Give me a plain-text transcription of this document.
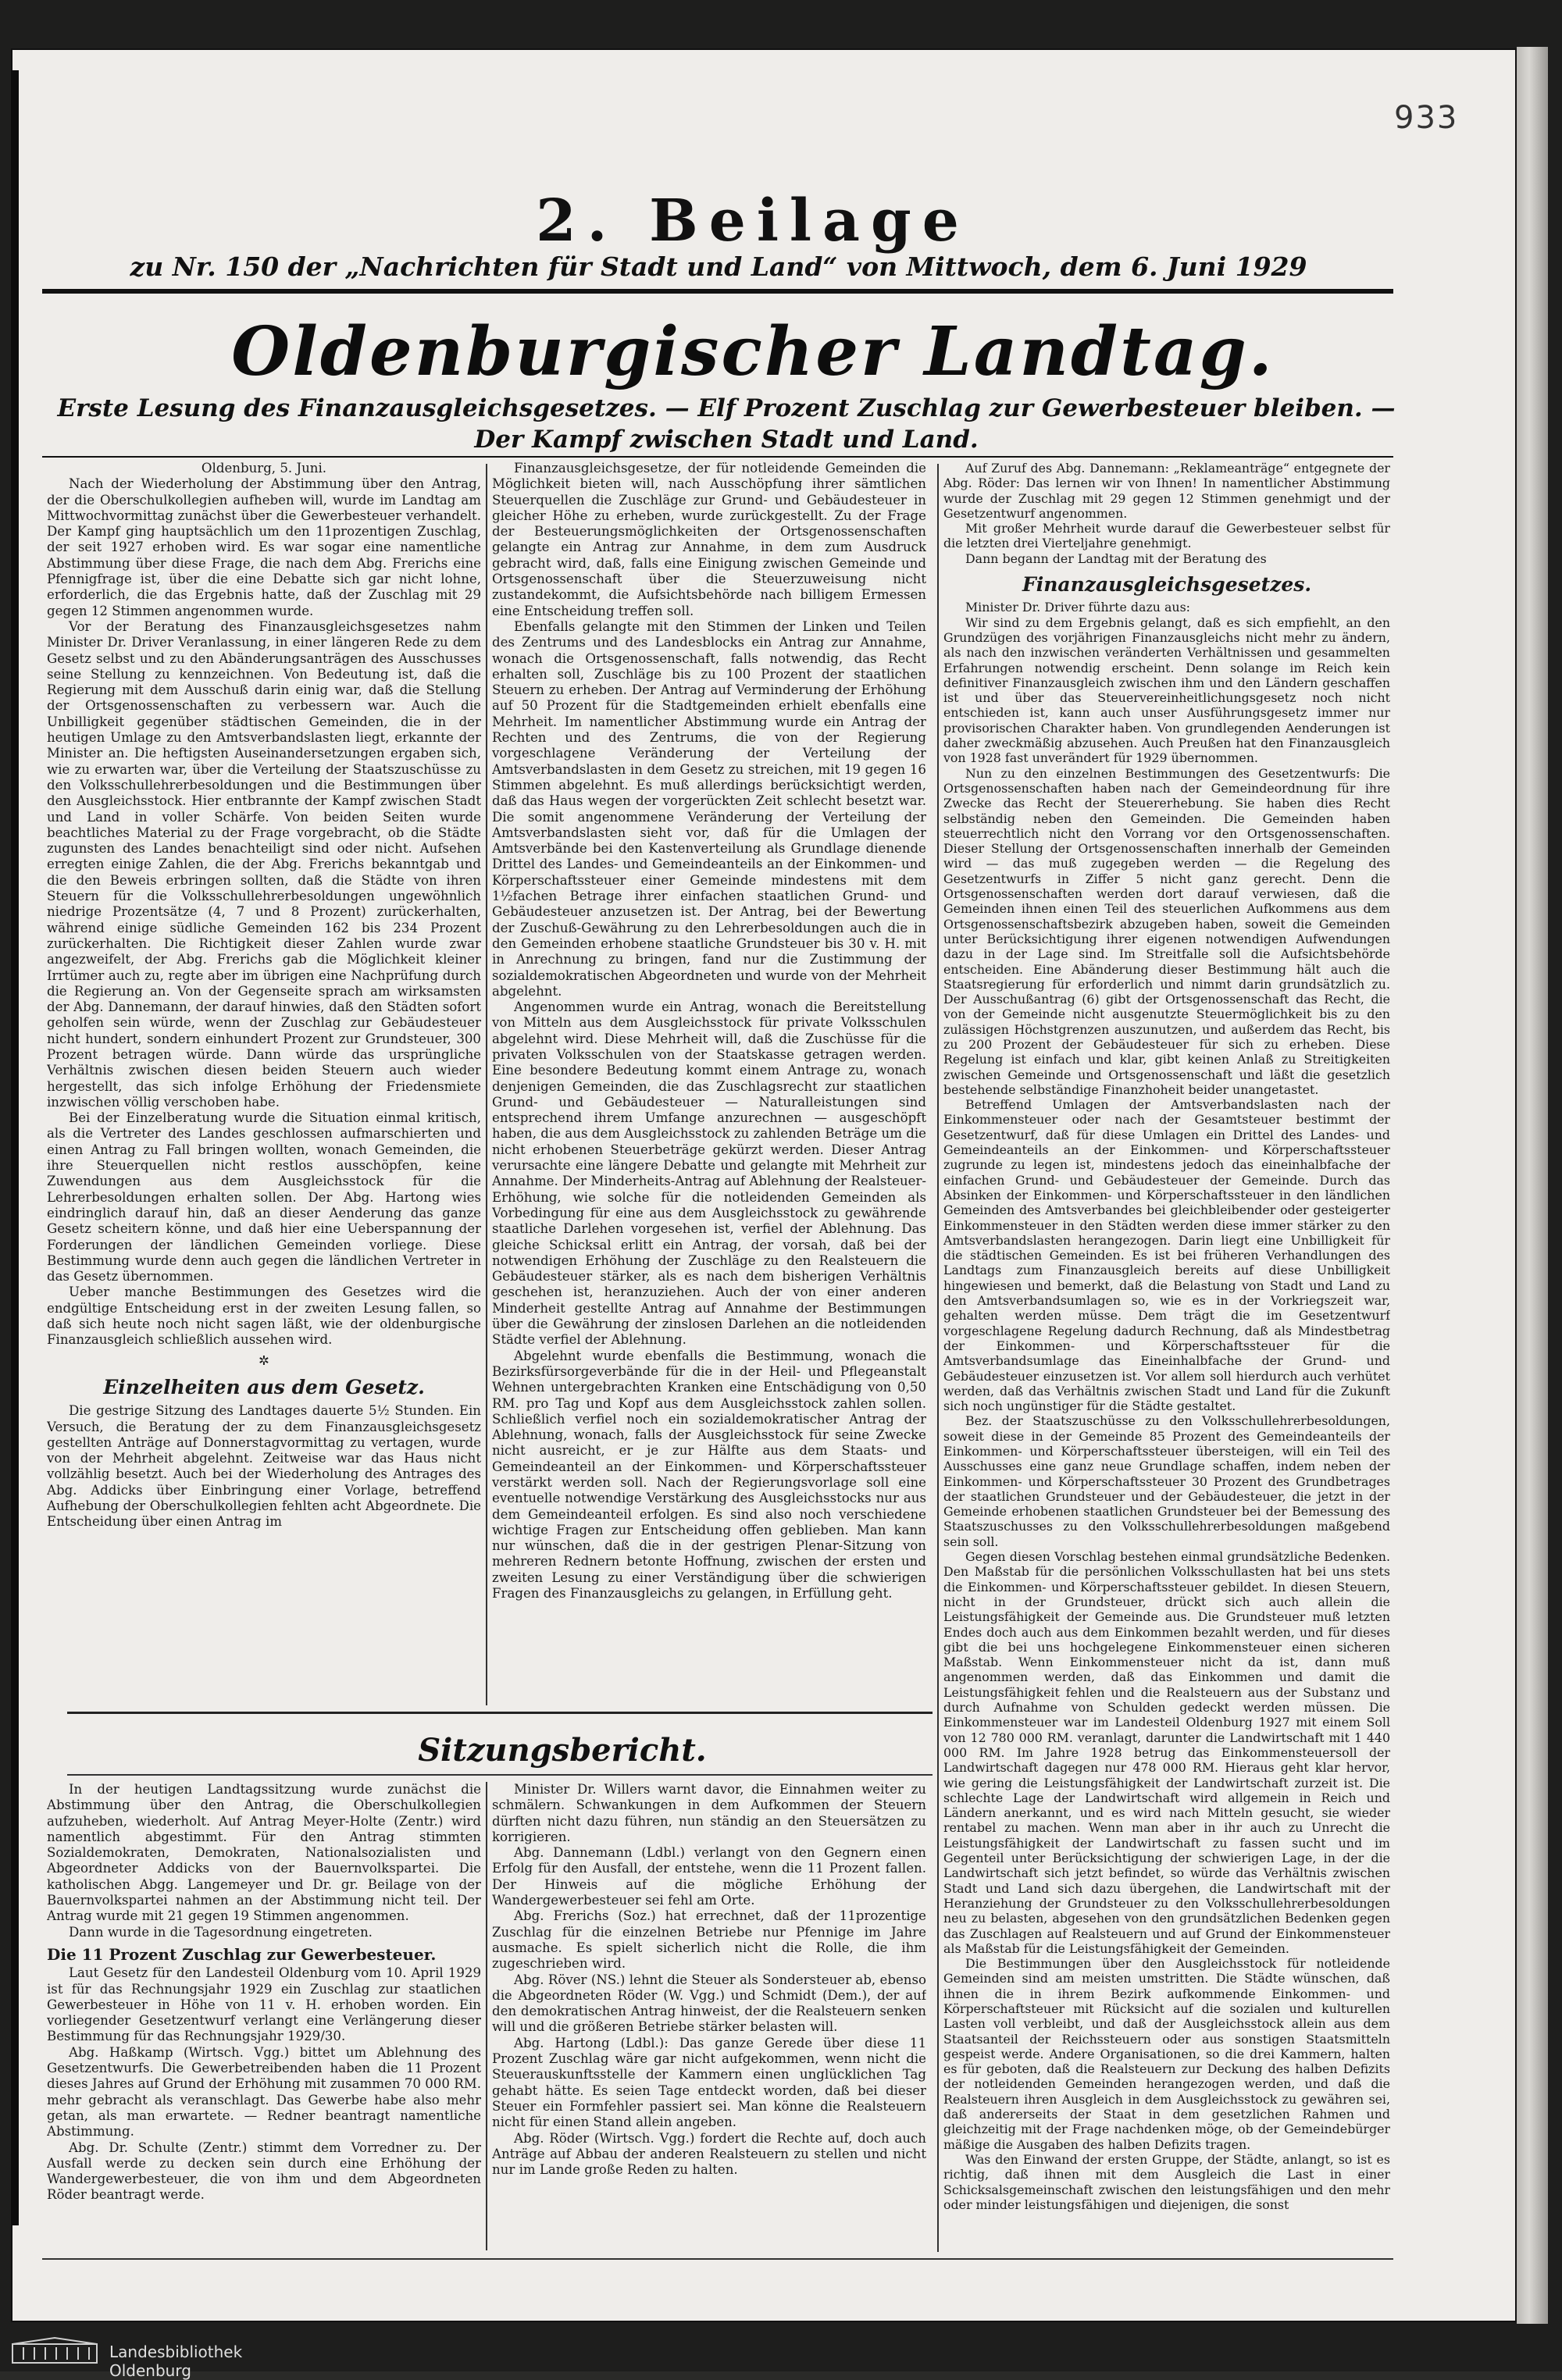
933
2. Beilage
zu Nr. 150 der „Nachrichten für Stadt und Land“ von Mittwoch, dem 6. Juni 1929
Oldenburgischer Landtag.
Erste Lesung des Finanzausgleichsgesetzes. — Elf Prozent Zuschlag zur Gewerbesteuer bleiben. — Der Kampf zwischen Stadt und Land.

Oldenburg, 5. Juni.

Nach der Wiederholung der Abstimmung über den Antrag, der die Oberschulkollegien aufheben will, wurde im Landtag am Mittwochvormittag zunächst über die Gewerbesteuer verhandelt. Der Kampf ging hauptsächlich um den 11prozentigen Zuschlag, der seit 1927 erhoben wird. Es war sogar eine namentliche Abstimmung über diese Frage, die nach dem Abg. Frerichs eine Pfennigfrage ist, über die eine Debatte sich gar nicht lohne, erforderlich, die das Ergebnis hatte, daß der Zuschlag mit 29 gegen 12 Stimmen angenommen wurde.

Vor der Beratung des Finanzausgleichsgesetzes nahm Minister Dr. Driver Veranlassung, in einer längeren Rede zu dem Gesetz selbst und zu den Abänderungsanträgen des Ausschusses seine Stellung zu kennzeichnen. Von Bedeutung ist, daß die Regierung mit dem Ausschuß darin einig war, daß die Stellung der Ortsgenossenschaften zu verbessern war. Auch die Unbilligkeit gegenüber städtischen Gemeinden, die in der heutigen Umlage zu den Amtsverbandslasten liegt, erkannte der Minister an. Die heftigsten Auseinandersetzungen ergaben sich, wie zu erwarten war, über die Verteilung der Staatszuschüsse zu den Volksschullehrerbesoldungen und die Bestimmungen über den Ausgleichsstock. Hier entbrannte der Kampf zwischen Stadt und Land in voller Schärfe. Von beiden Seiten wurde beachtliches Material zu der Frage vorgebracht, ob die Städte zugunsten des Landes benachteiligt sind oder nicht. Aufsehen erregten einige Zahlen, die der Abg. Frerichs bekanntgab und die den Beweis erbringen sollten, daß die Städte von ihren Steuern für die Volksschullehrerbesoldungen ungewöhnlich niedrige Prozentsätze (4, 7 und 8 Prozent) zurückerhalten, während einige südliche Gemeinden 162 bis 234 Prozent zurückerhalten. Die Richtigkeit dieser Zahlen wurde zwar angezweifelt, der Abg. Frerichs gab die Möglichkeit kleiner Irrtümer auch zu, regte aber im übrigen eine Nachprüfung durch die Regierung an. Von der Gegenseite sprach am wirksamsten der Abg. Dannemann, der darauf hinwies, daß den Städten sofort geholfen sein würde, wenn der Zuschlag zur Gebäudesteuer nicht hundert, sondern einhundert Prozent zur Grundsteuer, 300 Prozent betragen würde. Dann würde das ursprüngliche Verhältnis zwischen diesen beiden Steuern auch wieder hergestellt, das sich infolge Erhöhung der Friedensmiete inzwischen völlig verschoben habe.

Bei der Einzelberatung wurde die Situation einmal kritisch, als die Vertreter des Landes geschlossen aufmarschierten und einen Antrag zu Fall bringen wollten, wonach Gemeinden, die ihre Steuerquellen nicht restlos ausschöpfen, keine Zuwendungen aus dem Ausgleichsstock für die Lehrerbesoldungen erhalten sollen. Der Abg. Hartong wies eindringlich darauf hin, daß an dieser Aenderung das ganze Gesetz scheitern könne, und daß hier eine Ueberspannung der Forderungen der ländlichen Gemeinden vorliege. Diese Bestimmung wurde denn auch gegen die ländlichen Vertreter in das Gesetz übernommen.

Ueber manche Bestimmungen des Gesetzes wird die endgültige Entscheidung erst in der zweiten Lesung fallen, so daß sich heute noch nicht sagen läßt, wie der oldenburgische Finanzausgleich schließlich aussehen wird.

✲

Einzelheiten aus dem Gesetz.

Die gestrige Sitzung des Landtages dauerte 5½ Stunden. Ein Versuch, die Beratung der zu dem Finanzausgleichsgesetz gestellten Anträge auf Donnerstagvormittag zu vertagen, wurde von der Mehrheit abgelehnt. Zeitweise war das Haus nicht vollzählig besetzt. Auch bei der Wiederholung des Antrages des Abg. Addicks über Einbringung einer Vorlage, betreffend Aufhebung der Oberschulkollegien fehlten acht Abgeordnete. Die Entscheidung über einen Antrag im

Finanzausgleichsgesetze, der für notleidende Gemeinden die Möglichkeit bieten will, nach Ausschöpfung ihrer sämtlichen Steuerquellen die Zuschläge zur Grund- und Gebäudesteuer in gleicher Höhe zu erheben, wurde zurückgestellt. Zu der Frage der Besteuerungsmöglichkeiten der Ortsgenossenschaften gelangte ein Antrag zur Annahme, in dem zum Ausdruck gebracht wird, daß, falls eine Einigung zwischen Gemeinde und Ortsgenossenschaft über die Steuerzuweisung nicht zustandekommt, die Aufsichtsbehörde nach billigem Ermessen eine Entscheidung treffen soll.

Ebenfalls gelangte mit den Stimmen der Linken und Teilen des Zentrums und des Landesblocks ein Antrag zur Annahme, wonach die Ortsgenossenschaft, falls notwendig, das Recht erhalten soll, Zuschläge bis zu 100 Prozent der staatlichen Steuern zu erheben. Der Antrag auf Verminderung der Erhöhung auf 50 Prozent für die Stadtgemeinden erhielt ebenfalls eine Mehrheit. Im namentlicher Abstimmung wurde ein Antrag der Rechten und des Zentrums, die von der Regierung vorgeschlagene Veränderung der Verteilung der Amtsverbandslasten in dem Gesetz zu streichen, mit 19 gegen 16 Stimmen abgelehnt. Es muß allerdings berücksichtigt werden, daß das Haus wegen der vorgerückten Zeit schlecht besetzt war. Die somit angenommene Veränderung der Verteilung der Amtsverbandslasten sieht vor, daß für die Umlagen der Amtsverbände bei den Kastenverteilung als Grundlage dienende Drittel des Landes- und Gemeindeanteils an der Einkommen- und Körperschaftssteuer einer Gemeinde mindestens mit dem 1½fachen Betrage ihrer einfachen staatlichen Grund- und Gebäudesteuer anzusetzen ist. Der Antrag, bei der Bewertung der Zuschuß-Gewährung zu den Lehrerbesoldungen auch die in den Gemeinden erhobene staatliche Grundsteuer bis 30 v. H. mit in Anrechnung zu bringen, fand nur die Zustimmung der sozialdemokratischen Abgeordneten und wurde von der Mehrheit abgelehnt.

Angenommen wurde ein Antrag, wonach die Bereitstellung von Mitteln aus dem Ausgleichsstock für private Volksschulen abgelehnt wird. Diese Mehrheit will, daß die Zuschüsse für die privaten Volksschulen von der Staatskasse getragen werden. Eine besondere Bedeutung kommt einem Antrage zu, wonach denjenigen Gemeinden, die das Zuschlagsrecht zur staatlichen Grund- und Gebäudesteuer — Naturalleistungen sind entsprechend ihrem Umfange anzurechnen — ausgeschöpft haben, die aus dem Ausgleichsstock zu zahlenden Beträge um die nicht erhobenen Steuerbeträge gekürzt werden. Dieser Antrag verursachte eine längere Debatte und gelangte mit Mehrheit zur Annahme. Der Minderheits-Antrag auf Ablehnung der Realsteuer-Erhöhung, wie solche für die notleidenden Gemeinden als Vorbedingung für eine aus dem Ausgleichsstock zu gewährende staatliche Darlehen vorgesehen ist, verfiel der Ablehnung. Das gleiche Schicksal erlitt ein Antrag, der vorsah, daß bei der notwendigen Erhöhung der Zuschläge zu den Realsteuern die Gebäudesteuer stärker, als es nach dem bisherigen Verhältnis geschehen ist, heranzuziehen. Auch der von einer anderen Minderheit gestellte Antrag auf Annahme der Bestimmungen über die Gewährung der zinslosen Darlehen an die notleidenden Städte verfiel der Ablehnung.

Abgelehnt wurde ebenfalls die Bestimmung, wonach die Bezirksfürsorgeverbände für die in der Heil- und Pflegeanstalt Wehnen untergebrachten Kranken eine Entschädigung von 0,50 RM. pro Tag und Kopf aus dem Ausgleichsstock zahlen sollen. Schließlich verfiel noch ein sozialdemokratischer Antrag der Ablehnung, wonach, falls der Ausgleichsstock für seine Zwecke nicht ausreicht, er je zur Hälfte aus dem Staats- und Gemeindeanteil an der Einkommen- und Körperschaftssteuer verstärkt werden soll. Nach der Regierungsvorlage soll eine eventuelle notwendige Verstärkung des Ausgleichsstocks nur aus dem Gemeindeanteil erfolgen. Es sind also noch verschiedene wichtige Fragen zur Entscheidung offen geblieben. Man kann nur wünschen, daß die in der gestrigen Plenar-Sitzung von mehreren Rednern betonte Hoffnung, zwischen der ersten und zweiten Lesung zu einer Verständigung über die schwierigen Fragen des Finanzausgleichs zu gelangen, in Erfüllung geht.

Auf Zuruf des Abg. Dannemann: „Reklameanträge“ entgegnete der Abg. Röder: Das lernen wir von Ihnen! In namentlicher Abstimmung wurde der Zuschlag mit 29 gegen 12 Stimmen genehmigt und der Gesetzentwurf angenommen.

Mit großer Mehrheit wurde darauf die Gewerbesteuer selbst für die letzten drei Vierteljahre genehmigt.

Dann begann der Landtag mit der Beratung des

Finanzausgleichsgesetzes.

Minister Dr. Driver führte dazu aus:

Wir sind zu dem Ergebnis gelangt, daß es sich empfiehlt, an den Grundzügen des vorjährigen Finanzausgleichs nicht mehr zu ändern, als nach den inzwischen veränderten Verhältnissen und gesammelten Erfahrungen notwendig erscheint. Denn solange im Reich kein definitiver Finanzausgleich zwischen ihm und den Ländern geschaffen ist und über das Steuervereinheitlichungsgesetz noch nicht entschieden ist, kann auch unser Ausführungsgesetz immer nur provisorischen Charakter haben. Von grundlegenden Aenderungen ist daher zweckmäßig abzusehen. Auch Preußen hat den Finanzausgleich von 1928 fast unverändert für 1929 übernommen.

Nun zu den einzelnen Bestimmungen des Gesetzentwurfs: Die Ortsgenossenschaften haben nach der Gemeindeordnung für ihre Zwecke das Recht der Steuererhebung. Sie haben dies Recht selbständig neben den Gemeinden. Die Gemeinden haben steuerrechtlich nicht den Vorrang vor den Ortsgenossenschaften. Dieser Stellung der Ortsgenossenschaften innerhalb der Gemeinden wird — das muß zugegeben werden — die Regelung des Gesetzentwurfs in Ziffer 5 nicht ganz gerecht. Denn die Ortsgenossenschaften werden dort darauf verwiesen, daß die Gemeinden ihnen einen Teil des steuerlichen Aufkommens aus dem Ortsgenossenschaftsbezirk abzugeben haben, soweit die Gemeinden unter Berücksichtigung ihrer eigenen notwendigen Aufwendungen dazu in der Lage sind. Im Streitfalle soll die Aufsichtsbehörde entscheiden. Eine Abänderung dieser Bestimmung hält auch die Staatsregierung für erforderlich und nimmt darin grundsätzlich zu. Der Ausschußantrag (6) gibt der Ortsgenossenschaft das Recht, die von der Gemeinde nicht ausgenutzte Steuermöglichkeit bis zu den zulässigen Höchstgrenzen auszunutzen, und außerdem das Recht, bis zu 200 Prozent der Gebäudesteuer für sich zu erheben. Diese Regelung ist einfach und klar, gibt keinen Anlaß zu Streitigkeiten zwischen Gemeinde und Ortsgenossenschaft und läßt die gesetzlich bestehende selbständige Finanzhoheit beider unangetastet.

Betreffend Umlagen der Amtsverbandslasten nach der Einkommensteuer oder nach der Gesamtsteuer bestimmt der Gesetzentwurf, daß für diese Umlagen ein Drittel des Landes- und Gemeindeanteils an der Einkommen- und Körperschaftssteuer zugrunde zu legen ist, mindestens jedoch das eineinhalbfache der einfachen Grund- und Gebäudesteuer der Gemeinde. Durch das Absinken der Einkommen- und Körperschaftssteuer in den ländlichen Gemeinden des Amtsverbandes bei gleichbleibender oder gesteigerter Einkommensteuer in den Städten werden diese immer stärker zu den Amtsverbandslasten herangezogen. Darin liegt eine Unbilligkeit für die städtischen Gemeinden. Es ist bei früheren Verhandlungen des Landtags zum Finanzausgleich bereits auf diese Unbilligkeit hingewiesen und bemerkt, daß die Belastung von Stadt und Land zu den Amtsverbandsumlagen so, wie es in der Vorkriegszeit war, gehalten werden müsse. Dem trägt die im Gesetzentwurf vorgeschlagene Regelung dadurch Rechnung, daß als Mindestbetrag der Einkommen- und Körperschaftssteuer für die Amtsverbandsumlage das Eineinhalbfache der Grund- und Gebäudesteuer einzusetzen ist. Vor allem soll hierdurch auch verhütet werden, daß das Verhältnis zwischen Stadt und Land für die Zukunft sich noch ungünstiger für die Städte gestaltet.

Bez. der Staatszuschüsse zu den Volksschullehrerbesoldungen, soweit diese in der Gemeinde 85 Prozent des Gemeindeanteils der Einkommen- und Körperschaftssteuer übersteigen, will ein Teil des Ausschusses eine ganz neue Grundlage schaffen, indem neben der Einkommen- und Körperschaftssteuer 30 Prozent des Grundbetrages der staatlichen Grundsteuer und der Gebäudesteuer, die jetzt in der Gemeinde erhobenen staatlichen Grundsteuer bei der Bemessung des Staatszuschusses zu den Volksschullehrerbesoldungen maßgebend sein soll.

Gegen diesen Vorschlag bestehen einmal grundsätzliche Bedenken. Den Maßstab für die persönlichen Volksschullasten hat bei uns stets die Einkommen- und Körperschaftssteuer gebildet. In diesen Steuern, nicht in der Grundsteuer, drückt sich auch allein die Leistungsfähigkeit der Gemeinde aus. Die Grundsteuer muß letzten Endes doch auch aus dem Einkommen bezahlt werden, und für dieses gibt die bei uns hochgelegene Einkommensteuer einen sicheren Maßstab. Wenn Einkommensteuer nicht da ist, dann muß angenommen werden, daß das Einkommen und damit die Leistungsfähigkeit fehlen und die Realsteuern aus der Substanz und durch Aufnahme von Schulden gedeckt werden müssen. Die Einkommensteuer war im Landesteil Oldenburg 1927 mit einem Soll von 12 780 000 RM. veranlagt, darunter die Landwirtschaft mit 1 440 000 RM. Im Jahre 1928 betrug das Einkommensteuersoll der Landwirtschaft dagegen nur 478 000 RM. Hieraus geht klar hervor, wie gering die Leistungsfähigkeit der Landwirtschaft zurzeit ist. Die schlechte Lage der Landwirtschaft wird allgemein in Reich und Ländern anerkannt, und es wird nach Mitteln gesucht, sie wieder rentabel zu machen. Wenn man aber in ihr auch zu Unrecht die Leistungsfähigkeit der Landwirtschaft zu fassen sucht und im Gegenteil unter Berücksichtigung der schwierigen Lage, in der die Landwirtschaft sich jetzt befindet, so würde das Verhältnis zwischen Stadt und Land sich dazu übergehen, die Landwirtschaft mit der Heranziehung der Grundsteuer zu den Volksschullehrerbesoldungen neu zu belasten, abgesehen von den grundsätzlichen Bedenken gegen das Zuschlagen auf Realsteuern und auf Grund der Einkommensteuer als Maßstab für die Leistungsfähigkeit der Gemeinden.

Die Bestimmungen über den Ausgleichsstock für notleidende Gemeinden sind am meisten umstritten. Die Städte wünschen, daß ihnen die in ihrem Bezirk aufkommende Einkommen- und Körperschaftsteuer mit Rücksicht auf die sozialen und kulturellen Lasten voll verbleibt, und daß der Ausgleichsstock allein aus dem Staatsanteil der Reichssteuern oder aus sonstigen Staatsmitteln gespeist werde. Andere Organisationen, so die drei Kammern, halten es für geboten, daß die Realsteuern zur Deckung des halben Defizits der notleidenden Gemeinden herangezogen werden, und daß die Realsteuern ihren Ausgleich in dem Ausgleichsstock zu gewähren sei, daß andererseits der Staat in dem gesetzlichen Rahmen und gleichzeitig mit der Frage nachdenken möge, ob der Gemeindebürger mäßige die Ausgaben des halben Defizits tragen.

Was den Einwand der ersten Gruppe, der Städte, anlangt, so ist es richtig, daß ihnen mit dem Ausgleich die Last in einer Schicksalsgemeinschaft zwischen den leistungsfähigen und den mehr oder minder leistungsfähigen und diejenigen, die sonst

Sitzungsbericht.

In der heutigen Landtagssitzung wurde zunächst die Abstimmung über den Antrag, die Oberschulkollegien aufzuheben, wiederholt. Auf Antrag Meyer-Holte (Zentr.) wird namentlich abgestimmt. Für den Antrag stimmten Sozialdemokraten, Demokraten, Nationalsozialisten und Abgeordneter Addicks von der Bauernvolkspartei. Die katholischen Abgg. Langemeyer und Dr. gr. Beilage von der Bauernvolkspartei nahmen an der Abstimmung nicht teil. Der Antrag wurde mit 21 gegen 19 Stimmen angenommen.

Dann wurde in die Tagesordnung eingetreten.

Die 11 Prozent Zuschlag zur Gewerbesteuer.

Laut Gesetz für den Landesteil Oldenburg vom 10. April 1929 ist für das Rechnungsjahr 1929 ein Zuschlag zur staatlichen Gewerbesteuer in Höhe von 11 v. H. erhoben worden. Ein vorliegender Gesetzentwurf verlangt eine Verlängerung dieser Bestimmung für das Rechnungsjahr 1929/30.

Abg. Haßkamp (Wirtsch. Vgg.) bittet um Ablehnung des Gesetzentwurfs. Die Gewerbetreibenden haben die 11 Prozent dieses Jahres auf Grund der Erhöhung mit zusammen 70 000 RM. mehr gebracht als veranschlagt. Das Gewerbe habe also mehr getan, als man erwartete. — Redner beantragt namentliche Abstimmung.

Abg. Dr. Schulte (Zentr.) stimmt dem Vorredner zu. Der Ausfall werde zu decken sein durch eine Erhöhung der Wandergewerbesteuer, die von ihm und dem Abgeordneten Röder beantragt werde.

Minister Dr. Willers warnt davor, die Einnahmen weiter zu schmälern. Schwankungen in dem Aufkommen der Steuern dürften nicht dazu führen, nun ständig an den Steuersätzen zu korrigieren.

Abg. Dannemann (Ldbl.) verlangt von den Gegnern einen Erfolg für den Ausfall, der entstehe, wenn die 11 Prozent fallen. Der Hinweis auf die mögliche Erhöhung der Wandergewerbesteuer sei fehl am Orte.

Abg. Frerichs (Soz.) hat errechnet, daß der 11prozentige Zuschlag für die einzelnen Betriebe nur Pfennige im Jahre ausmache. Es spielt sicherlich nicht die Rolle, die ihm zugeschrieben wird.

Abg. Röver (NS.) lehnt die Steuer als Sondersteuer ab, ebenso die Abgeordneten Röder (W. Vgg.) und Schmidt (Dem.), der auf den demokratischen Antrag hinweist, der die Realsteuern senken will und die größeren Betriebe stärker belasten will.

Abg. Hartong (Ldbl.): Das ganze Gerede über diese 11 Prozent Zuschlag wäre gar nicht aufgekommen, wenn nicht die Steuerauskunftsstelle der Kammern einen unglücklichen Tag gehabt hätte. Es seien Tage entdeckt worden, daß bei dieser Steuer ein Formfehler passiert sei. Man könne die Realsteuern nicht für einen Stand allein angeben.

Abg. Röder (Wirtsch. Vgg.) fordert die Rechte auf, doch auch Anträge auf Abbau der anderen Realsteuern zu stellen und nicht nur im Lande große Reden zu halten.

Landesbibliothek Oldenburg
